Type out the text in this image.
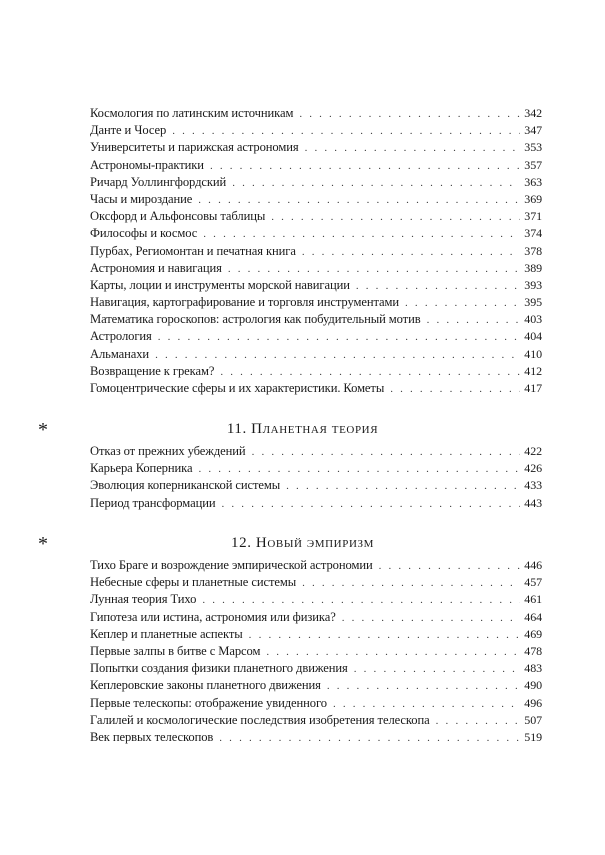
Космология по латинским источникам . . .	342
Данте и Чосер . . .	347
Университеты и парижская астрономия . . .	353
Астрономы-практики . . .	357
Ричард Уоллингфордский . . .	363
Часы и мироздание . . .	369
Оксфорд и Альфонсовы таблицы . . .	371
Философы и космос . . .	374
Пурбах, Региомонтан и печатная книга . . .	378
Астрономия и навигация . . .	389
Карты, лоции и инструменты морской навигации . . .	393
Навигация, картографирование и торговля инструментами . . .	395
Математика гороскопов: астрология как побудительный мотив . . .	403
Астрология . . .	404
Альманахи . . .	410
Возвращение к грекам? . . .	412
Гомоцентрические сферы и их характеристики. Кометы . . .	417
*	11. Планетная теория
Отказ от прежних убеждений . . .	422
Карьера Коперника . . .	426
Эволюция коперниканской системы . . .	433
Период трансформации . . .	443
*	12. Новый эмпиризм
Тихо Браге и возрождение эмпирической астрономии . . .	446
Небесные сферы и планетные системы . . .	457
Лунная теория Тихо . . .	461
Гипотеза или истина, астрономия или физика? . . .	464
Кеплер и планетные аспекты . . .	469
Первые залпы в битве с Марсом . . .	478
Попытки создания физики планетного движения . . .	483
Кеплеровские законы планетного движения . . .	490
Первые телескопы: отображение увиденного . . .	496
Галилей и космологические последствия изобретения телескопа . . .	507
Век первых телескопов . . .	519
